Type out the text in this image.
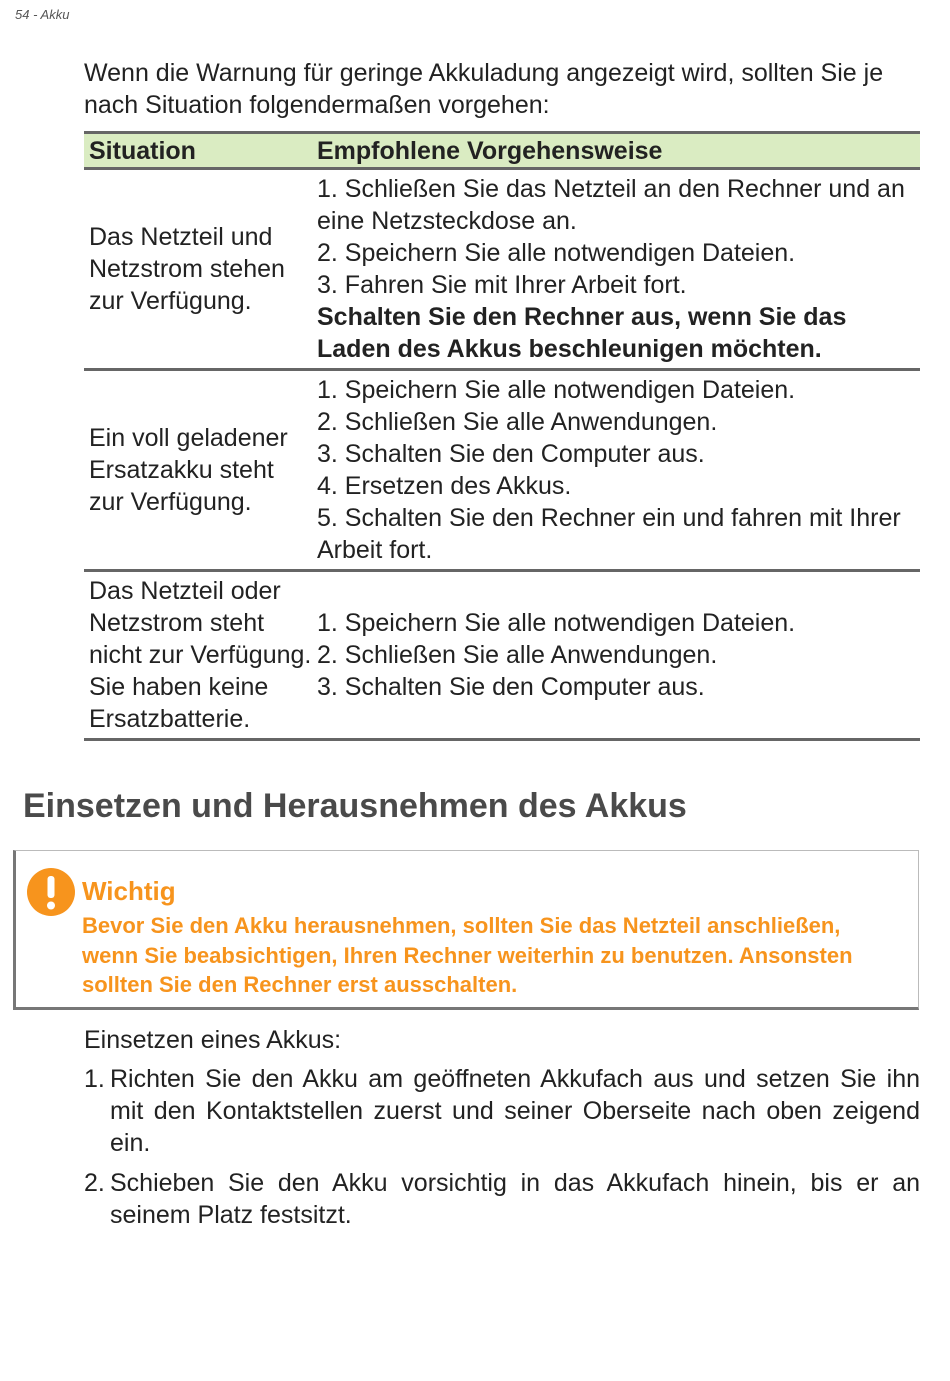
54 - Akku

Wenn die Warnung für geringe Akkuladung angezeigt wird, sollten Sie je nach Situation folgendermaßen vorgehen:

Situation	Empfohlene Vorgehensweise
Das Netzteil und Netzstrom stehen zur Verfügung.	1. Schließen Sie das Netzteil an den Rechner und an eine Netzsteckdose an.
2. Speichern Sie alle notwendigen Dateien.
3. Fahren Sie mit Ihrer Arbeit fort.
Schalten Sie den Rechner aus, wenn Sie das Laden des Akkus beschleunigen möchten.

Ein voll geladener Ersatzakku steht zur Verfügung.	1. Speichern Sie alle notwendigen Dateien.
2. Schließen Sie alle Anwendungen.
3. Schalten Sie den Computer aus.
4. Ersetzen des Akkus.
5. Schalten Sie den Rechner ein und fahren mit Ihrer Arbeit fort.

Das Netzteil oder Netzstrom steht nicht zur Verfügung. Sie haben keine Ersatzbatterie.	1. Speichern Sie alle notwendigen Dateien.
2. Schließen Sie alle Anwendungen.
3. Schalten Sie den Computer aus.
Einsetzen und Herausnehmen des Akkus
Wichtig

Bevor Sie den Akku herausnehmen, sollten Sie das Netzteil anschließen, wenn Sie beabsichtigen, Ihren Rechner weiterhin zu benutzen. Ansonsten sollten Sie den Rechner erst ausschalten.

Einsetzen eines Akkus:

1. Richten Sie den Akku am geöffneten Akkufach aus und setzen Sie ihn mit den Kontaktstellen zuerst und seiner Oberseite nach oben zeigend ein.
2. Schieben Sie den Akku vorsichtig in das Akkufach hinein, bis er an seinem Platz festsitzt.
